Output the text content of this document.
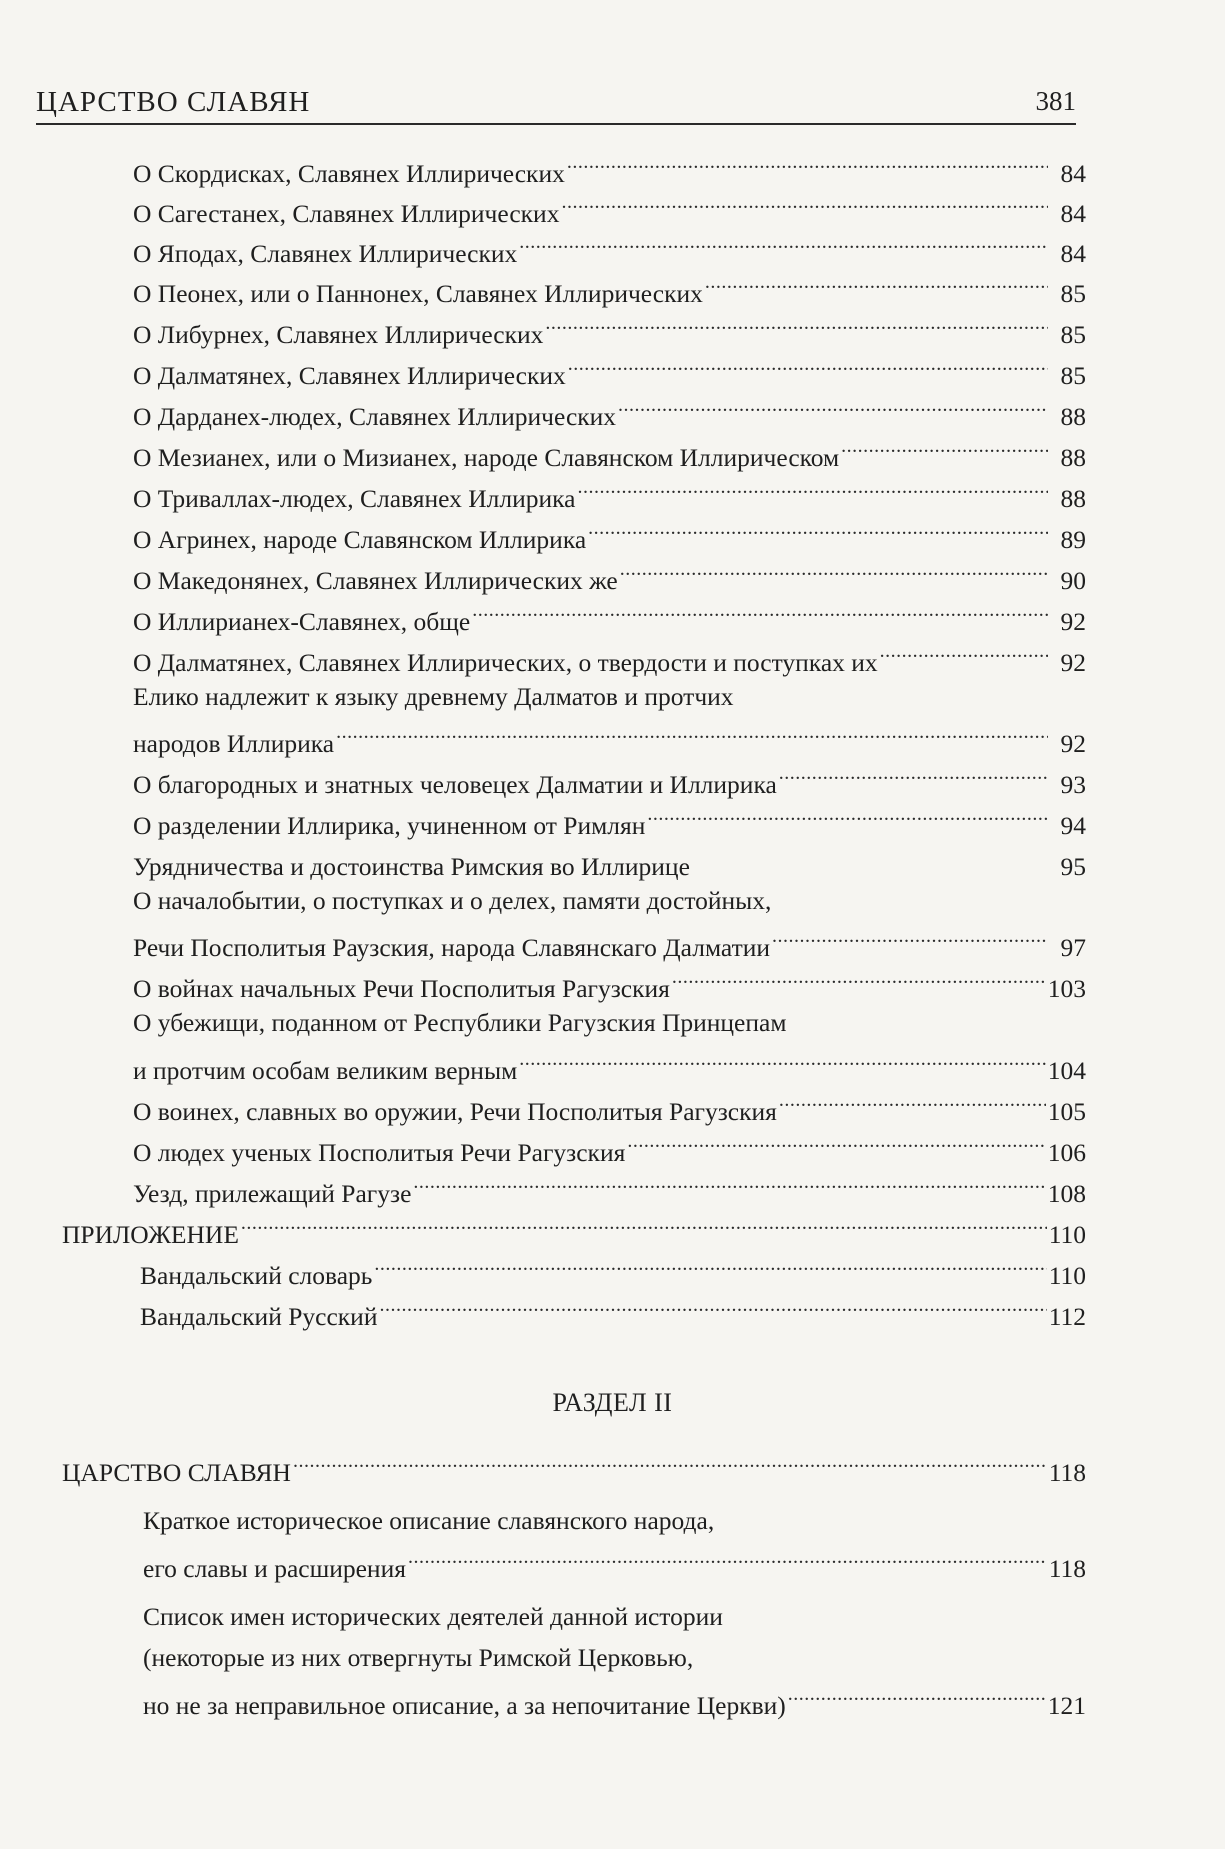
ЦАРСТВО СЛАВЯН	381
О Скордисках, Славянех Иллирических .....	84
О Сагестанех, Славянех Иллирических .....	84
О Яподах, Славянех Иллирических .....	84
О Пеонех, или о Паннонех, Славянех Иллирических .....	85
О Либурнех, Славянех Иллирических .....	85
О Далматянех, Славянех Иллирических .....	85
О Дарданех-людех, Славянех Иллирических .....	88
О Мезианех, или о Мизианех, народе Славянском Иллирическом .....	88
О Триваллах-людех, Славянех Иллирика .....	88
О Агринех, народе Славянском Иллирика .....	89
О Македонянех, Славянех Иллирических же .....	90
О Иллирианех-Славянех, обще .....	92
О Далматянех, Славянех Иллирических, о твердости и поступках их .....	92
Елико надлежит к языку древнему Далматов и протчих
народов Иллирика .....	92
О благородных и знатных человецех Далматии и Иллирика .....	93
О разделении Иллирика, учиненном от Римлян .....	94
Урядничества и достоинства Римския во Иллирице	95
О началобытии, о поступках и о делех, памяти достойных,
Речи Посполитыя Раузския, народа Славянскаго Далматии .....	97
О войнах начальных Речи Посполитыя Рагузския .....	103
О убежищи, поданном от Республики Рагузския Принцепам
и протчим особам великим верным .....	104
О воинех, славных во оружии, Речи Посполитыя Рагузския .....	105
О людех ученых Посполитыя Речи Рагузския .....	106
Уезд, прилежащий Рагузе .....	108
ПРИЛОЖЕНИЕ .....	110
Вандальский словарь .....	110
Вандальский Русский .....	112
РАЗДЕЛ II
ЦАРСТВО СЛАВЯН .....	118
Краткое историческое описание славянского народа,
его славы и расширения .....	118
Список имен исторических деятелей данной истории
(некоторые из них отвергнуты Римской Церковью,
но не за неправильное описание, а за непочитание Церкви) .....	121
